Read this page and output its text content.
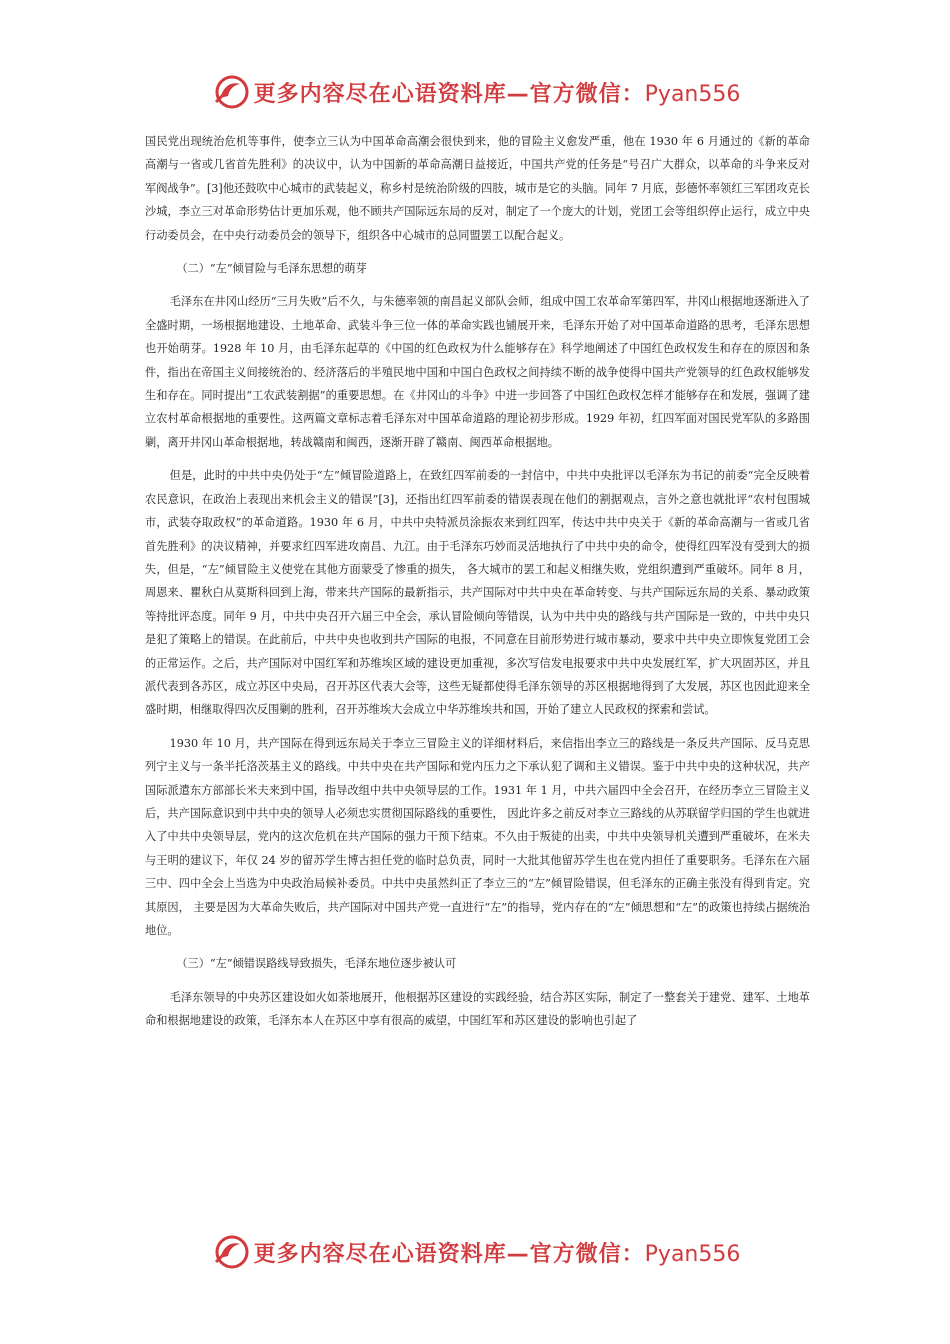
更多内容尽在心语资料库—官方微信：Pyan556

国民党出现统治危机等事件，使李立三认为中国革命高潮会很快到来，他的冒险主义愈发严重，他在 1930 年 6 月通过的《新的革命高潮与一省或几省首先胜利》的决议中，认为中国新的革命高潮日益接近，中国共产党的任务是“号召广大群众，以革命的斗争来反对军阀战争”。[3]他还鼓吹中心城市的武装起义，称乡村是统治阶级的四肢，城市是它的头脑。同年 7 月底，彭德怀率领红三军团攻克长沙城，李立三对革命形势估计更加乐观，他不顾共产国际远东局的反对，制定了一个庞大的计划，党团工会等组织停止运行，成立中央行动委员会，在中央行动委员会的领导下，组织各中心城市的总同盟罢工以配合起义。

（二）“左”倾冒险与毛泽东思想的萌芽

毛泽东在井冈山经历“三月失败”后不久，与朱德率领的南昌起义部队会师，组成中国工农革命军第四军，井冈山根据地逐渐进入了全盛时期，一场根据地建设、土地革命、武装斗争三位一体的革命实践也铺展开来，毛泽东开始了对中国革命道路的思考，毛泽东思想也开始萌芽。1928 年 10 月，由毛泽东起草的《中国的红色政权为什么能够存在》科学地阐述了中国红色政权发生和存在的原因和条件，指出在帝国主义间接统治的、经济落后的半殖民地中国和中国白色政权之间持续不断的战争使得中国共产党领导的红色政权能够发生和存在。同时提出“工农武装割据”的重要思想。在《井冈山的斗争》中进一步回答了中国红色政权怎样才能够存在和发展，强调了建立农村革命根据地的重要性。这两篇文章标志着毛泽东对中国革命道路的理论初步形成。1929 年初，红四军面对国民党军队的多路围剿，离开井冈山革命根据地，转战赣南和闽西，逐渐开辟了赣南、闽西革命根据地。

但是，此时的中共中央仍处于“左”倾冒险道路上，在致红四军前委的一封信中，中共中央批评以毛泽东为书记的前委“完全反映着农民意识，在政治上表现出来机会主义的错误”[3]，还指出红四军前委的错误表现在他们的割据观点，言外之意也就批评“农村包围城市，武装夺取政权”的革命道路。1930 年 6 月，中共中央特派员涂振农来到红四军，传达中共中央关于《新的革命高潮与一省或几省首先胜利》的决议精神，并要求红四军进攻南昌、九江。由于毛泽东巧妙而灵活地执行了中共中央的命令，使得红四军没有受到大的损失，但是，“左”倾冒险主义使党在其他方面蒙受了惨重的损失， 各大城市的罢工和起义相继失败，党组织遭到严重破坏。同年 8 月，周恩来、瞿秋白从莫斯科回到上海，带来共产国际的最新指示，共产国际对中共中央在革命转变、与共产国际远东局的关系、暴动政策等持批评态度。同年 9 月，中共中央召开六届三中全会，承认冒险倾向等错误，认为中共中央的路线与共产国际是一致的，中共中央只是犯了策略上的错误。在此前后，中共中央也收到共产国际的电报，不同意在目前形势进行城市暴动，要求中共中央立即恢复党团工会的正常运作。之后，共产国际对中国红军和苏维埃区域的建设更加重视，多次写信发电报要求中共中央发展红军，扩大巩固苏区，并且派代表到各苏区，成立苏区中央局，召开苏区代表大会等，这些无疑都使得毛泽东领导的苏区根据地得到了大发展，苏区也因此迎来全盛时期，相继取得四次反围剿的胜利，召开苏维埃大会成立中华苏维埃共和国，开始了建立人民政权的探索和尝试。

1930 年 10 月，共产国际在得到远东局关于李立三冒险主义的详细材料后，来信指出李立三的路线是一条反共产国际、反马克思列宁主义与一条半托洛茨基主义的路线。中共中央在共产国际和党内压力之下承认犯了调和主义错误。鉴于中共中央的这种状况，共产国际派遣东方部部长米夫来到中国，指导改组中共中央领导层的工作。1931 年 1 月，中共六届四中全会召开，在经历李立三冒险主义后，共产国际意识到中共中央的领导人必须忠实贯彻国际路线的重要性， 因此许多之前反对李立三路线的从苏联留学归国的学生也就进入了中共中央领导层，党内的这次危机在共产国际的强力干预下结束。不久由于叛徒的出卖，中共中央领导机关遭到严重破坏，在米夫与王明的建议下，年仅 24 岁的留苏学生博古担任党的临时总负责，同时一大批其他留苏学生也在党内担任了重要职务。毛泽东在六届三中、四中全会上当选为中央政治局候补委员。中共中央虽然纠正了李立三的“左”倾冒险错误，但毛泽东的正确主张没有得到肯定。究其原因， 主要是因为大革命失败后，共产国际对中国共产党一直进行“左”的指导，党内存在的“左”倾思想和“左”的政策也持续占据统治地位。

（三）“左”倾错误路线导致损失，毛泽东地位逐步被认可

毛泽东领导的中央苏区建设如火如荼地展开，他根据苏区建设的实践经验，结合苏区实际，制定了一整套关于建党、建军、土地革命和根据地建设的政策，毛泽东本人在苏区中享有很高的威望，中国红军和苏区建设的影响也引起了

更多内容尽在心语资料库—官方微信：Pyan556
